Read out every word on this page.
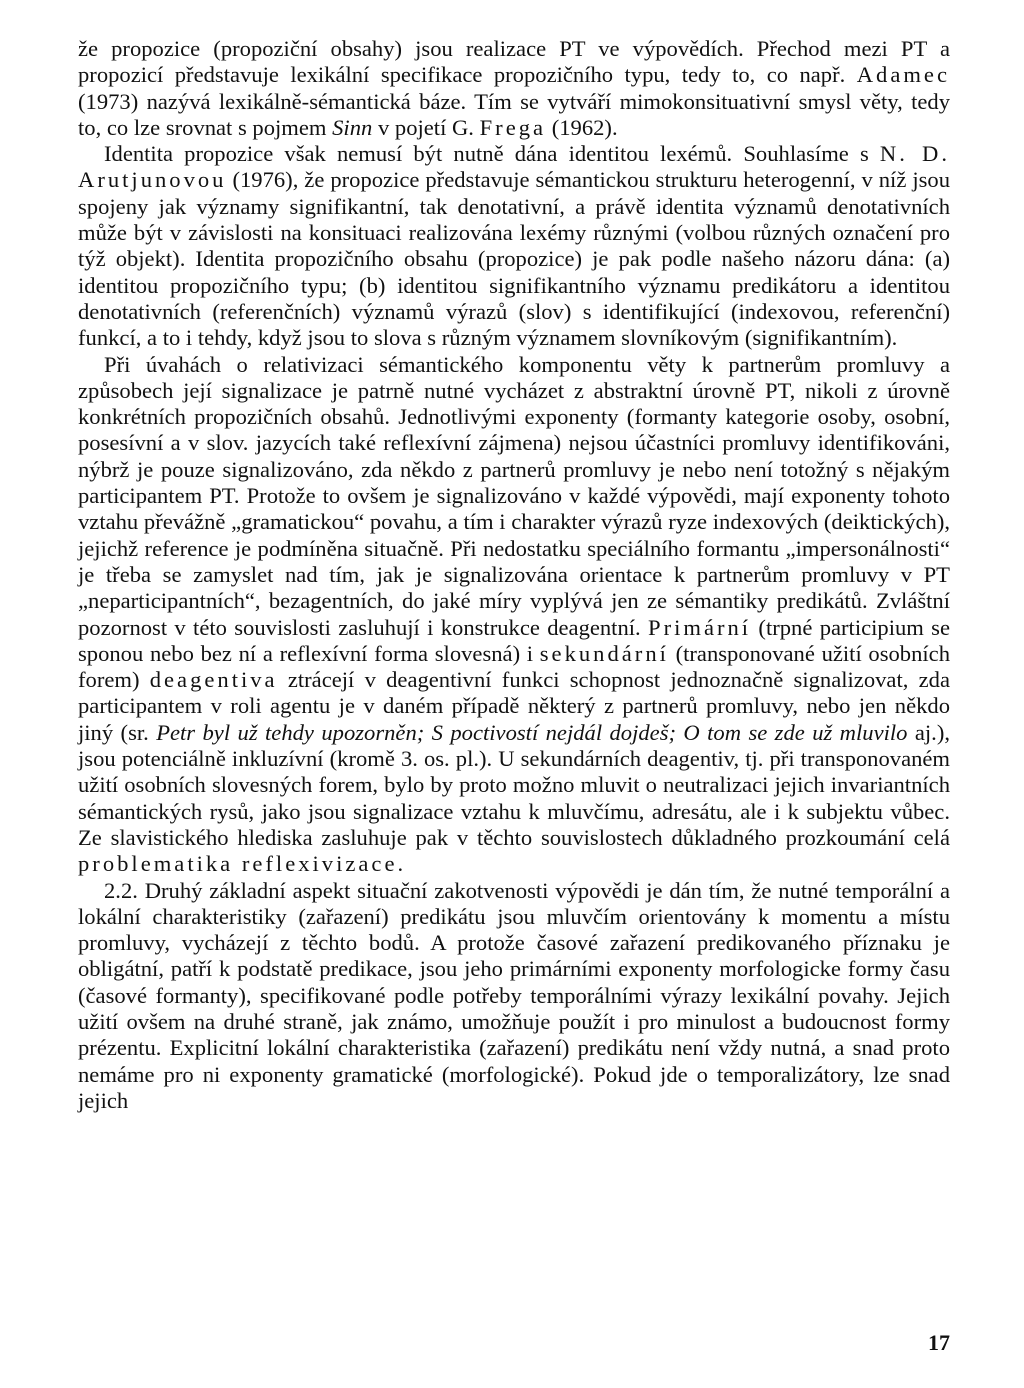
že propozice (propoziční obsahy) jsou realizace PT ve výpovědích. Přechod mezi PT a propozicí představuje lexikální specifikace propozičního typu, tedy to, co např. Adamec (1973) nazývá lexikálně-sémantická báze. Tím se vytváří mimokonsituativní smysl věty, tedy to, co lze srovnat s pojmem Sinn v pojetí G. Frega (1962).

Identita propozice však nemusí být nutně dána identitou lexémů. Souhlasíme s N. D. Arutjunovou (1976), že propozice představuje sémantickou strukturu heterogenní, v níž jsou spojeny jak významy signifikantní, tak denotativní, a právě identita významů denotativních může být v závislosti na konsituaci realizována lexémy různými (volbou různých označení pro týž objekt). Identita propozičního obsahu (propozice) je pak podle našeho názoru dána: (a) identitou propozičního typu; (b) identitou signifikantního významu predikátoru a identitou denotativních (referenčních) významů výrazů (slov) s identifikující (indexovou, referenční) funkcí, a to i tehdy, když jsou to slova s různým významem slovníkovým (signifikantním).

Při úvahách o relativizaci sémantického komponentu věty k partnerům promluvy a způsobech její signalizace je patrně nutné vycházet z abstraktní úrovně PT, nikoli z úrovně konkrétních propozičních obsahů. Jednotlivými exponenty (formanty kategorie osoby, osobní, posesívní a v slov. jazycích také reflexívní zájmena) nejsou účastníci promluvy identifikováni, nýbrž je pouze signalizováno, zda někdo z partnerů promluvy je nebo není totožný s nějakým participantem PT. Protože to ovšem je signalizováno v každé výpovědi, mají exponenty tohoto vztahu převážně „gramatickou“ povahu, a tím i charakter výrazů ryze indexových (deiktických), jejichž reference je podmíněna situačně. Při nedostatku speciálního formantu „impersonálnosti“ je třeba se zamyslet nad tím, jak je signalizována orientace k partnerům promluvy v PT „neparticipantních“, bezagentních, do jaké míry vyplývá jen ze sémantiky predikátů. Zvláštní pozornost v této souvislosti zasluhují i konstrukce deagentní. Primární (trpné participium se sponou nebo bez ní a reflexívní forma slovesná) i sekundární (transponované užití osobních forem) deagentiva ztrácejí v deagentivní funkci schopnost jednoznačně signalizovat, zda participantem v roli agentu je v daném případě některý z partnerů promluvy, nebo jen někdo jiný (sr. Petr byl už tehdy upozorněn; S poctivostí nejdál dojdeš; O tom se zde už mluvilo aj.), jsou potenciálně inkluzívní (kromě 3. os. pl.). U sekundárních deagentiv, tj. při transponovaném užití osobních slovesných forem, bylo by proto možno mluvit o neutralizaci jejich invariantních sémantických rysů, jako jsou signalizace vztahu k mluvčímu, adresátu, ale i k subjektu vůbec. Ze slavistického hlediska zasluhuje pak v těchto souvislostech důkladného prozkoumání celá problematika reflexivizace.

2.2. Druhý základní aspekt situační zakotvenosti výpovědi je dán tím, že nutné temporální a lokální charakteristiky (zařazení) predikátu jsou mluvčím orientovány k momentu a místu promluvy, vycházejí z těchto bodů. A protože časové zařazení predikovaného příznaku je obligátní, patří k podstatě predikace, jsou jeho primárními exponenty morfologicke formy času (časové formanty), specifikované podle potřeby temporálními výrazy lexikální povahy. Jejich užití ovšem na druhé straně, jak známo, umožňuje použít i pro minulost a budoucnost formy prézentu. Explicitní lokální charakteristika (zařazení) predikátu není vždy nutná, a snad proto nemáme pro ni exponenty gramatické (morfologické). Pokud jde o temporalizátory, lze snad jejich

17
